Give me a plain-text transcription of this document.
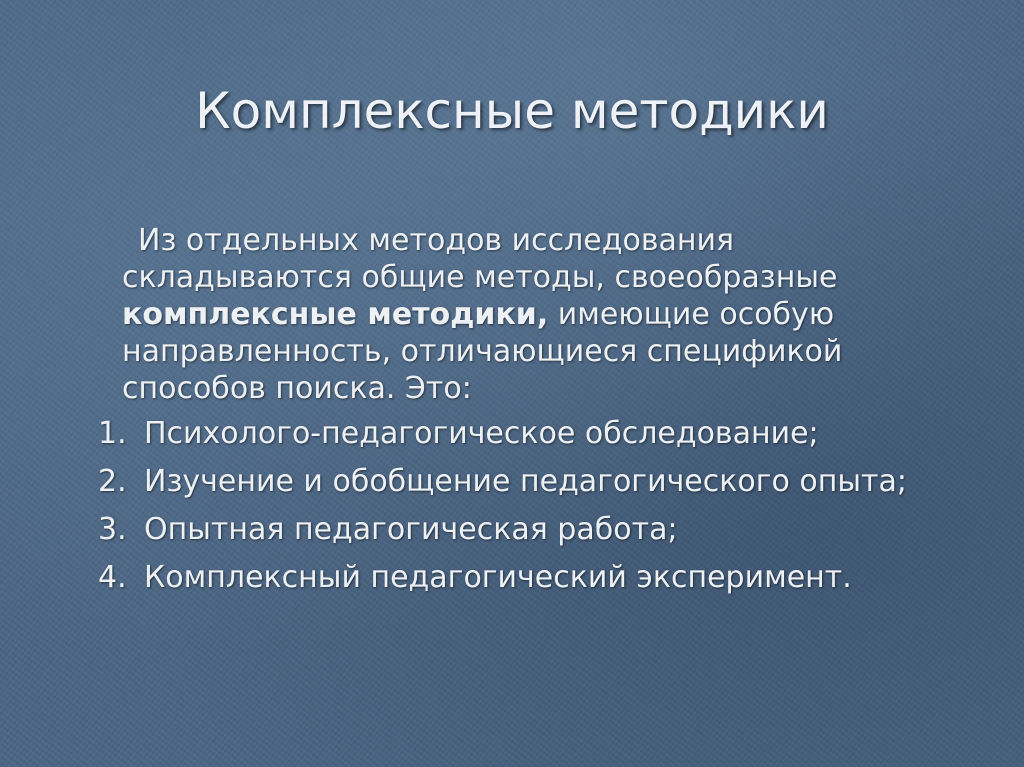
Комплексные методики
Из отдельных методов исследования
складываются общие методы, своеобразные
комплексные методики, имеющие особую
направленность, отличающиеся спецификой
способов поиска. Это:
1. Психолого-педагогическое обследование;
2. Изучение и обобщение педагогического опыта;
3. Опытная педагогическая работа;
4. Комплексный педагогический эксперимент.
